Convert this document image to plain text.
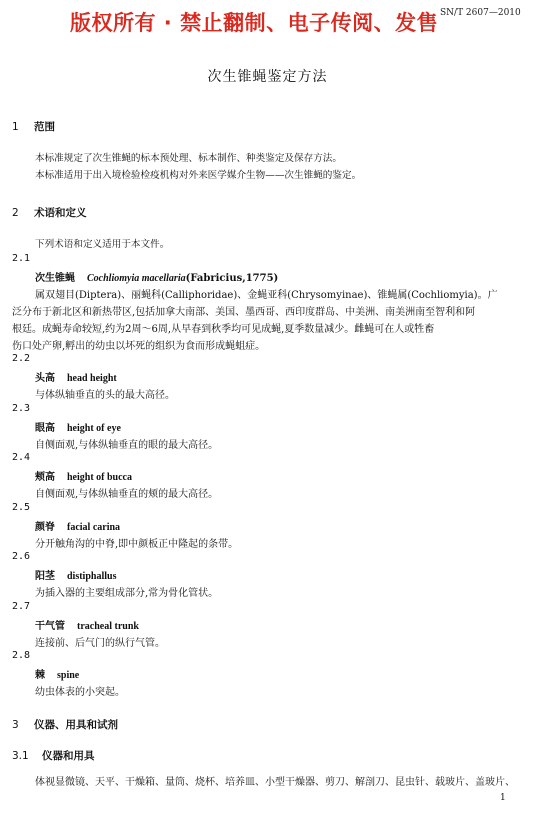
版权所有 · 禁止翻制、电子传阅、发售 SN/T 2607—2010
次生锥蝇鉴定方法
1 范围
本标准规定了次生锥蝇的标本预处理、标本制作、种类鉴定及保存方法。
本标准适用于出入境检验检疫机构对外来医学媒介生物——次生锥蝇的鉴定。
2 术语和定义
下列术语和定义适用于本文件。
2.1
次生锥蝇 Cochliomyia macellaria(Fabricius,1775)
属双翅目(Diptera)、丽蝇科(Calliphoridae)、金蝇亚科(Chrysomyinae)、锥蝇属(Cochliomyia)。广
泛分布于新北区和新热带区,包括加拿大南部、美国、墨西哥、西印度群岛、中美洲、南美洲南至智利和阿
根廷。成蝇寿命较短,约为2周～6周,从早春到秋季均可见成蝇,夏季数量减少。雌蝇可在人或牲畜
伤口处产卵,孵出的幼虫以坏死的组织为食而形成蝇蛆症。
2.2
头高 head height
与体纵轴垂直的头的最大高径。
2.3
眼高 height of eye
自侧面观,与体纵轴垂直的眼的最大高径。
2.4
颊高 height of bucca
自侧面观,与体纵轴垂直的颊的最大高径。
2.5
颜脊 facial carina
分开触角沟的中脊,即中颜板正中隆起的条带。
2.6
阳茎 distiphallus
为插入器的主要组成部分,常为骨化管状。
2.7
干气管 tracheal trunk
连接前、后气门的纵行气管。
2.8
棘 spine
幼虫体表的小突起。
3 仪器、用具和试剂
3.1 仪器和用具
体视显微镜、天平、干燥箱、量筒、烧杯、培养皿、小型干燥器、剪刀、解剖刀、昆虫针、载玻片、盖玻片、
1
